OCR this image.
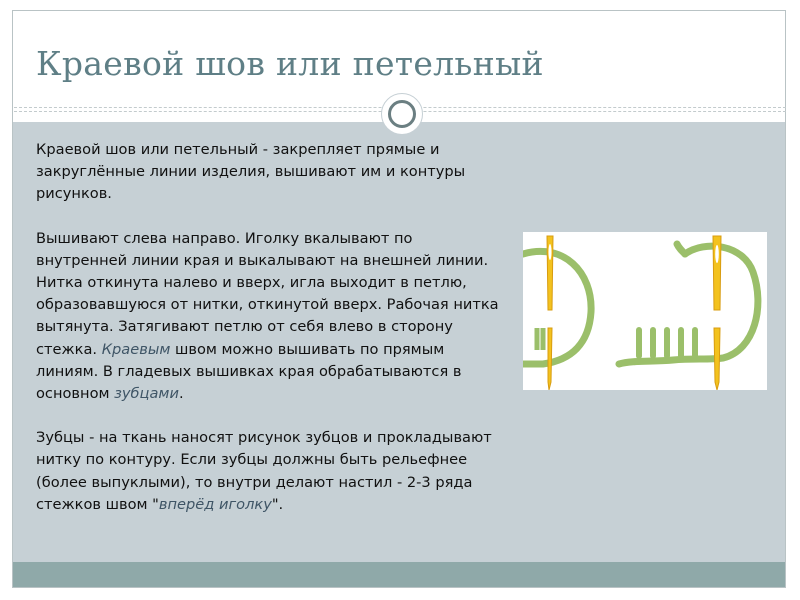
Краевой шов или петельный

Краевой шов или петельный - закрепляет прямые и закруглённые линии изделия, вышивают им и контуры рисунков.

Вышивают слева направо. Иголку вкалывают по внутренней линии края и выкалывают на внешней линии. Нитка откинута налево и вверх, игла выходит в петлю, образовавшуюся от нитки, откинутой вверх. Рабочая нитка вытянута. Затягивают петлю от себя влево в сторону стежка. Краевым швом можно вышивать по прямым линиям. В гладевых вышивках края обрабатываются в основном зубцами.

Зубцы - на ткань наносят рисунок зубцов и прокладывают нитку по контуру. Если зубцы должны быть рельефнее (более выпуклыми), то внутри делают настил - 2-3 ряда стежков швом "вперёд иголку".
